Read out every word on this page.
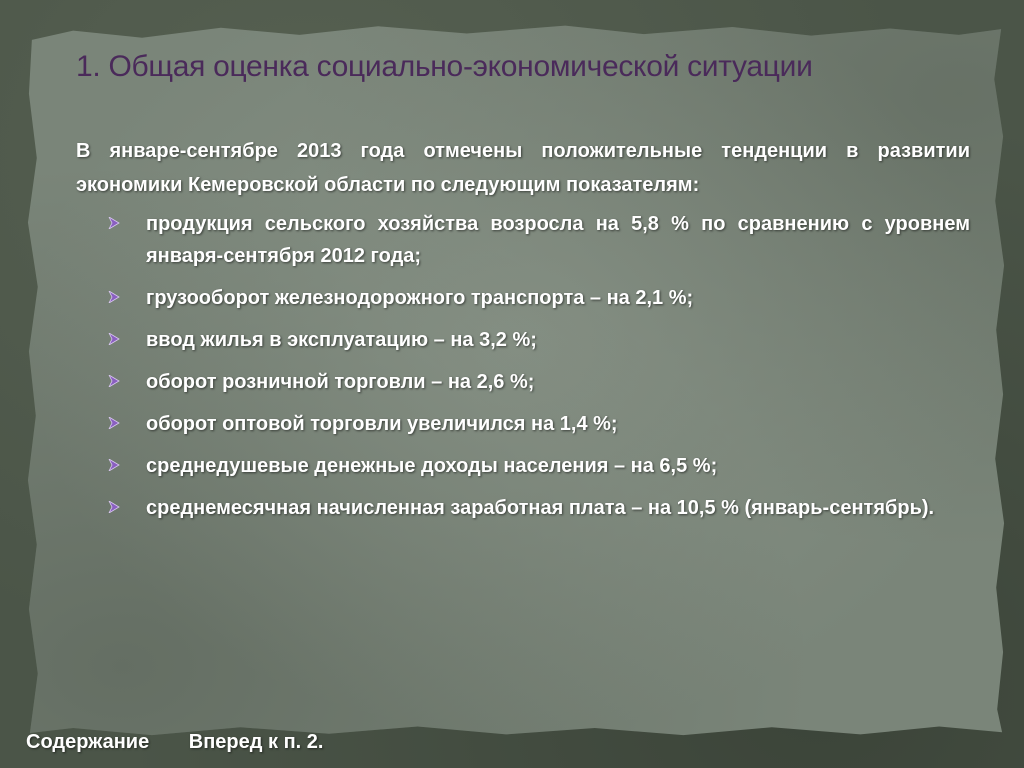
1. Общая оценка социально-экономической ситуации

В январе-сентябре 2013 года отмечены положительные тенденции в развитии экономики Кемеровской области по следующим показателям:

продукция сельского хозяйства возросла на 5,8 % по сравнению с уровнем января-сентября 2012 года;
грузооборот железнодорожного транспорта – на 2,1 %;
ввод жилья в эксплуатацию – на 3,2 %;
оборот розничной торговли – на 2,6 %;
оборот оптовой торговли увеличился на 1,4 %;
среднедушевые денежные доходы населения – на 6,5 %;
среднемесячная начисленная заработная плата – на 10,5 % (январь-сентябрь).
Содержание Вперед к п. 2.
